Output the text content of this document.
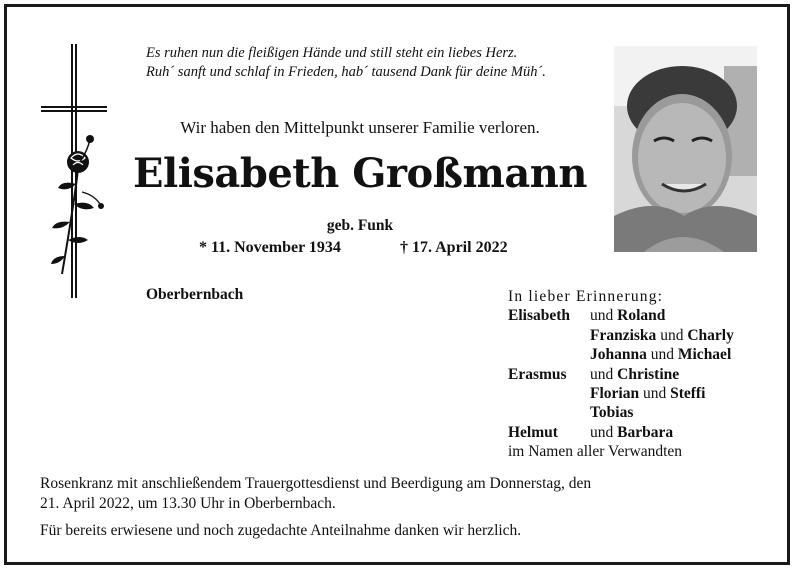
Es ruhen nun die fleißigen Hände und still steht ein liebes Herz.
Ruh´ sanft und schlaf in Frieden, hab´ tausend Dank für deine Müh´.
Wir haben den Mittelpunkt unserer Familie verloren.
Elisabeth Großmann
geb. Funk
* 11. November 1934	† 17. April 2022
Oberbernbach	In lieber Erinnerung:
Elisabeth	und Roland
Franziska und Charly
Johanna und Michael
Erasmus	und Christine
Florian und Steffi
Tobias
Helmut	und Barbara
im Namen aller Verwandten

Rosenkranz mit anschließendem Trauergottesdienst und Beerdigung am Donnerstag, den
21. April 2022, um 13.30 Uhr in Oberbernbach.

Für bereits erwiesene und noch zugedachte Anteilnahme danken wir herzlich.
